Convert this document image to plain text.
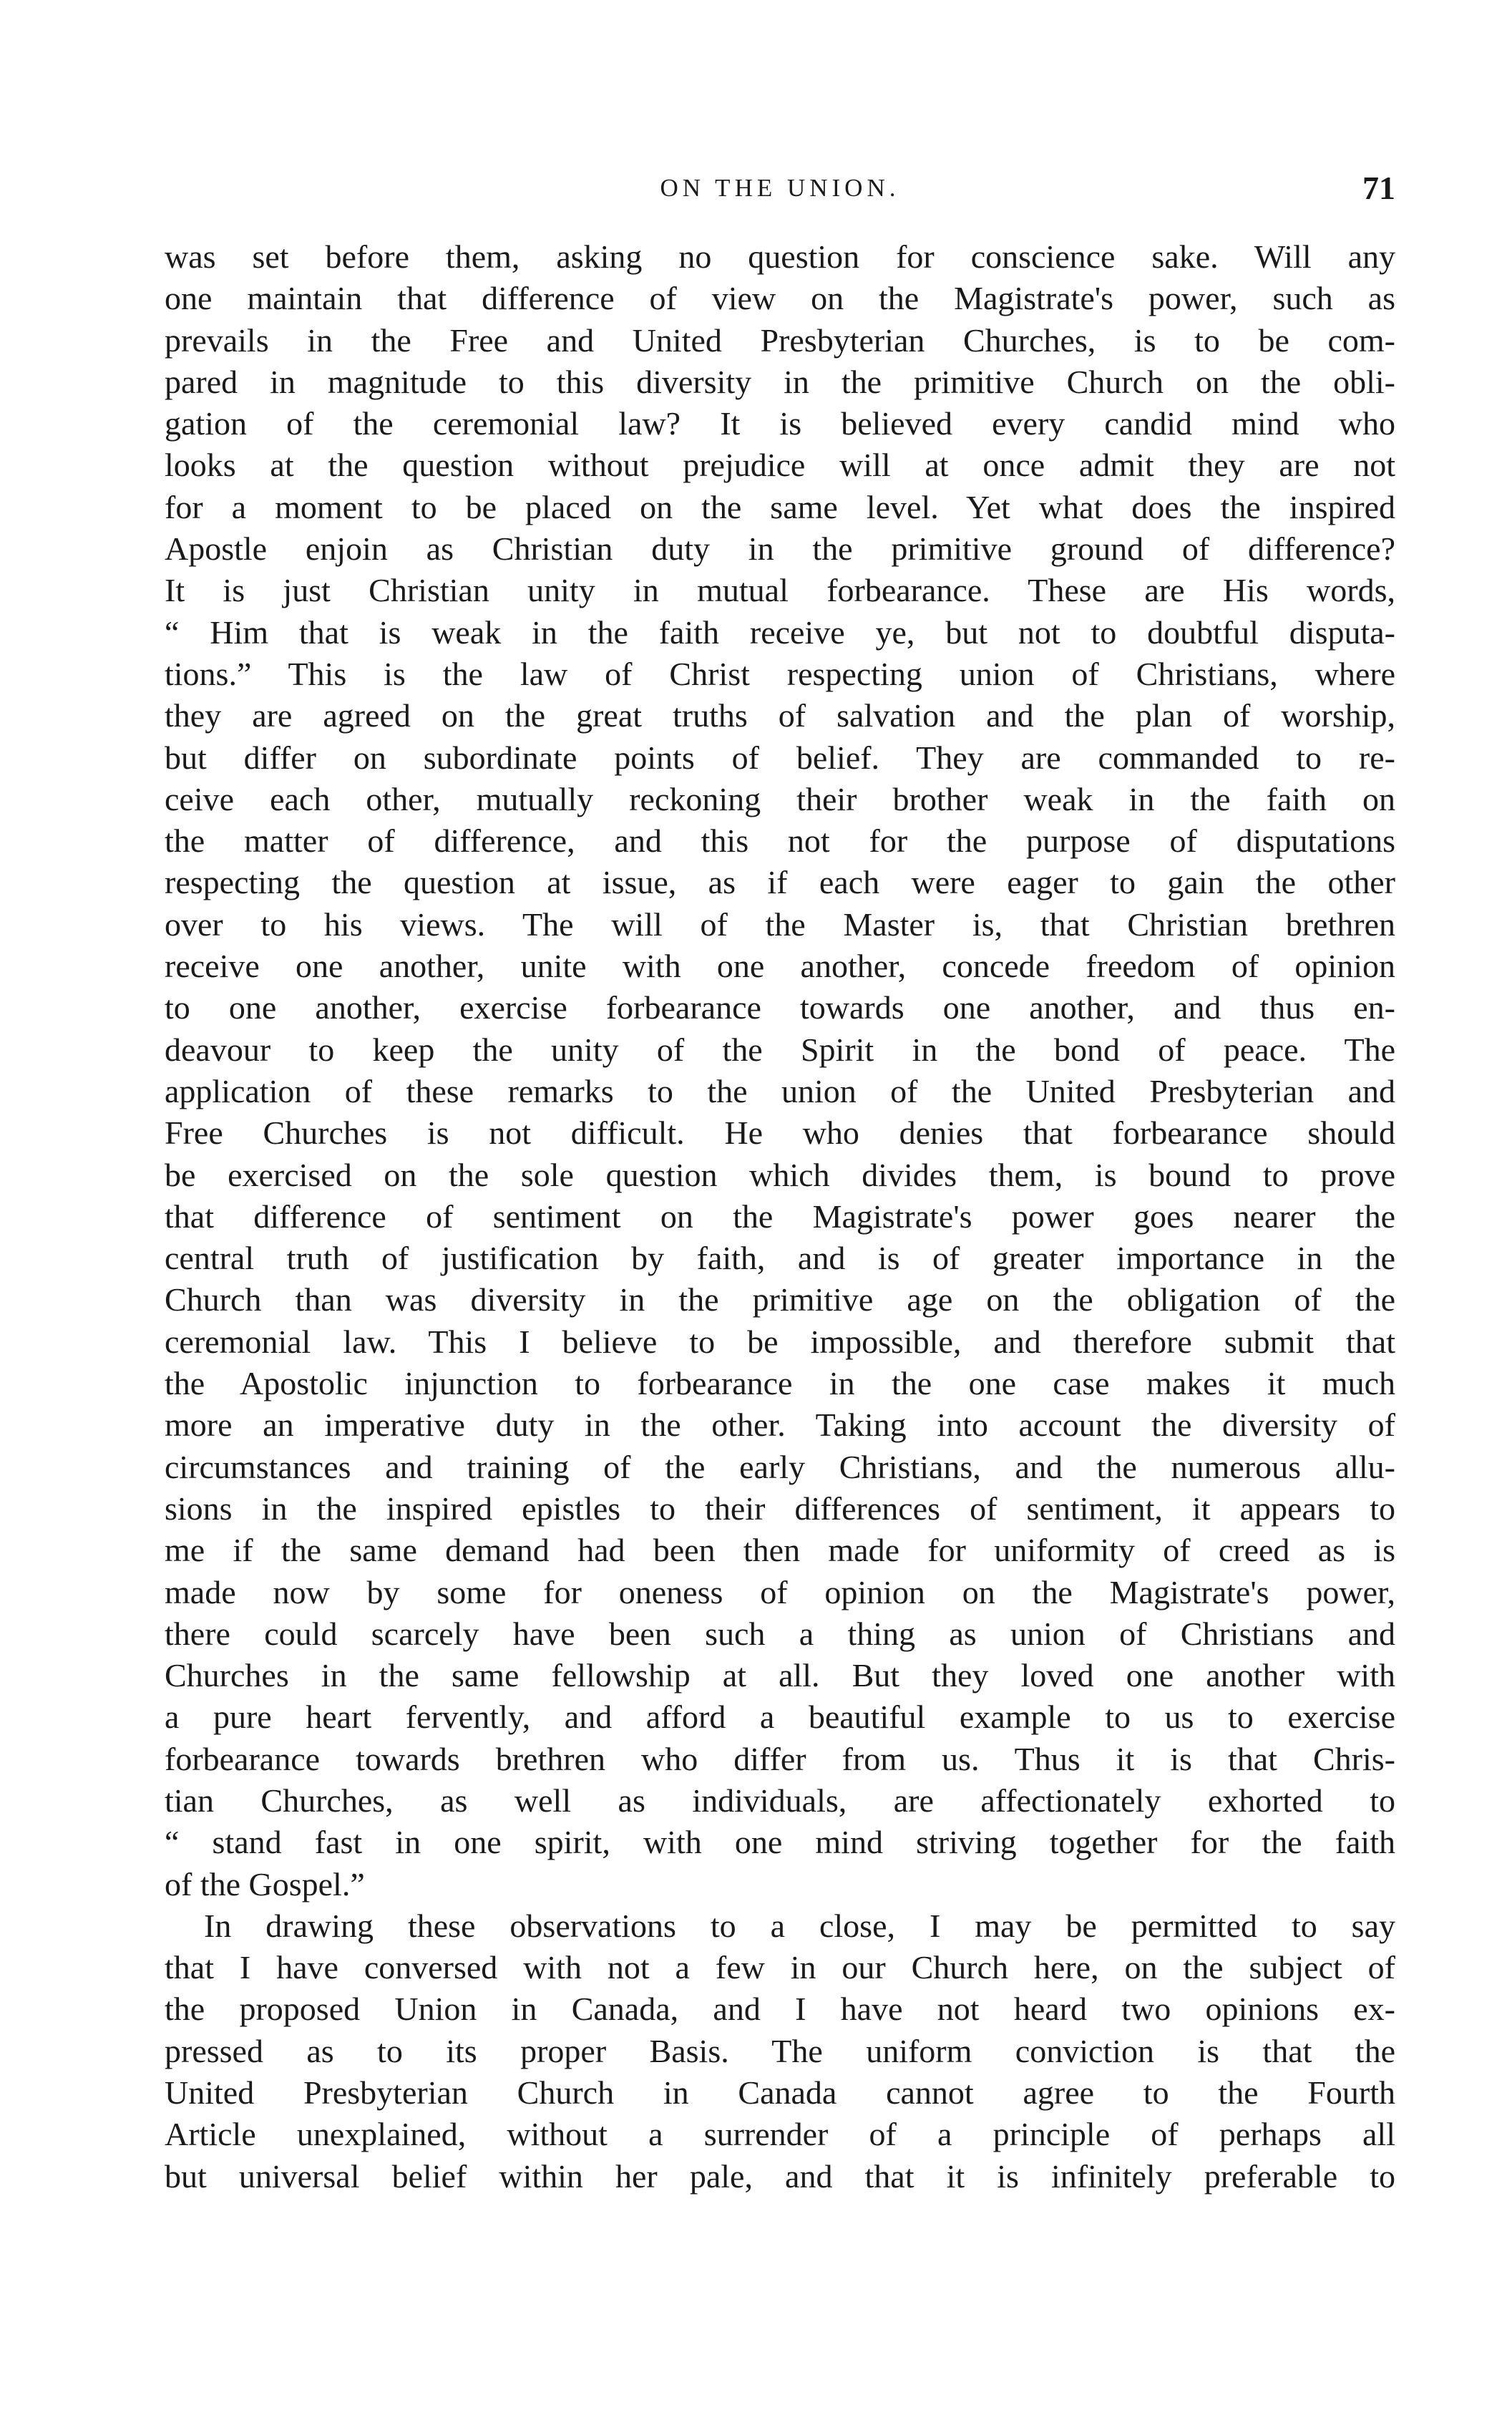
ON THE UNION.	71
was set before them, asking no question for conscience sake. Will any
one maintain that difference of view on the Magistrate's power, such as
prevails in the Free and United Presbyterian Churches, is to be com-
pared in magnitude to this diversity in the primitive Church on the obli-
gation of the ceremonial law? It is believed every candid mind who
looks at the question without prejudice will at once admit they are not
for a moment to be placed on the same level. Yet what does the inspired
Apostle enjoin as Christian duty in the primitive ground of difference?
It is just Christian unity in mutual forbearance. These are His words,
“ Him that is weak in the faith receive ye, but not to doubtful disputa-
tions.” This is the law of Christ respecting union of Christians, where
they are agreed on the great truths of salvation and the plan of worship,
but differ on subordinate points of belief. They are commanded to re-
ceive each other, mutually reckoning their brother weak in the faith on
the matter of difference, and this not for the purpose of disputations
respecting the question at issue, as if each were eager to gain the other
over to his views. The will of the Master is, that Christian brethren
receive one another, unite with one another, concede freedom of opinion
to one another, exercise forbearance towards one another, and thus en-
deavour to keep the unity of the Spirit in the bond of peace. The
application of these remarks to the union of the United Presbyterian and
Free Churches is not difficult. He who denies that forbearance should
be exercised on the sole question which divides them, is bound to prove
that difference of sentiment on the Magistrate's power goes nearer the
central truth of justification by faith, and is of greater importance in the
Church than was diversity in the primitive age on the obligation of the
ceremonial law. This I believe to be impossible, and therefore submit that
the Apostolic injunction to forbearance in the one case makes it much
more an imperative duty in the other. Taking into account the diversity of
circumstances and training of the early Christians, and the numerous allu-
sions in the inspired epistles to their differences of sentiment, it appears to
me if the same demand had been then made for uniformity of creed as is
made now by some for oneness of opinion on the Magistrate's power,
there could scarcely have been such a thing as union of Christians and
Churches in the same fellowship at all. But they loved one another with
a pure heart fervently, and afford a beautiful example to us to exercise
forbearance towards brethren who differ from us. Thus it is that Chris-
tian Churches, as well as individuals, are affectionately exhorted to
“ stand fast in one spirit, with one mind striving together for the faith
of the Gospel.”
In drawing these observations to a close, I may be permitted to say
that I have conversed with not a few in our Church here, on the subject of
the proposed Union in Canada, and I have not heard two opinions ex-
pressed as to its proper Basis. The uniform conviction is that the
United Presbyterian Church in Canada cannot agree to the Fourth
Article unexplained, without a surrender of a principle of perhaps all
but universal belief within her pale, and that it is infinitely preferable to
